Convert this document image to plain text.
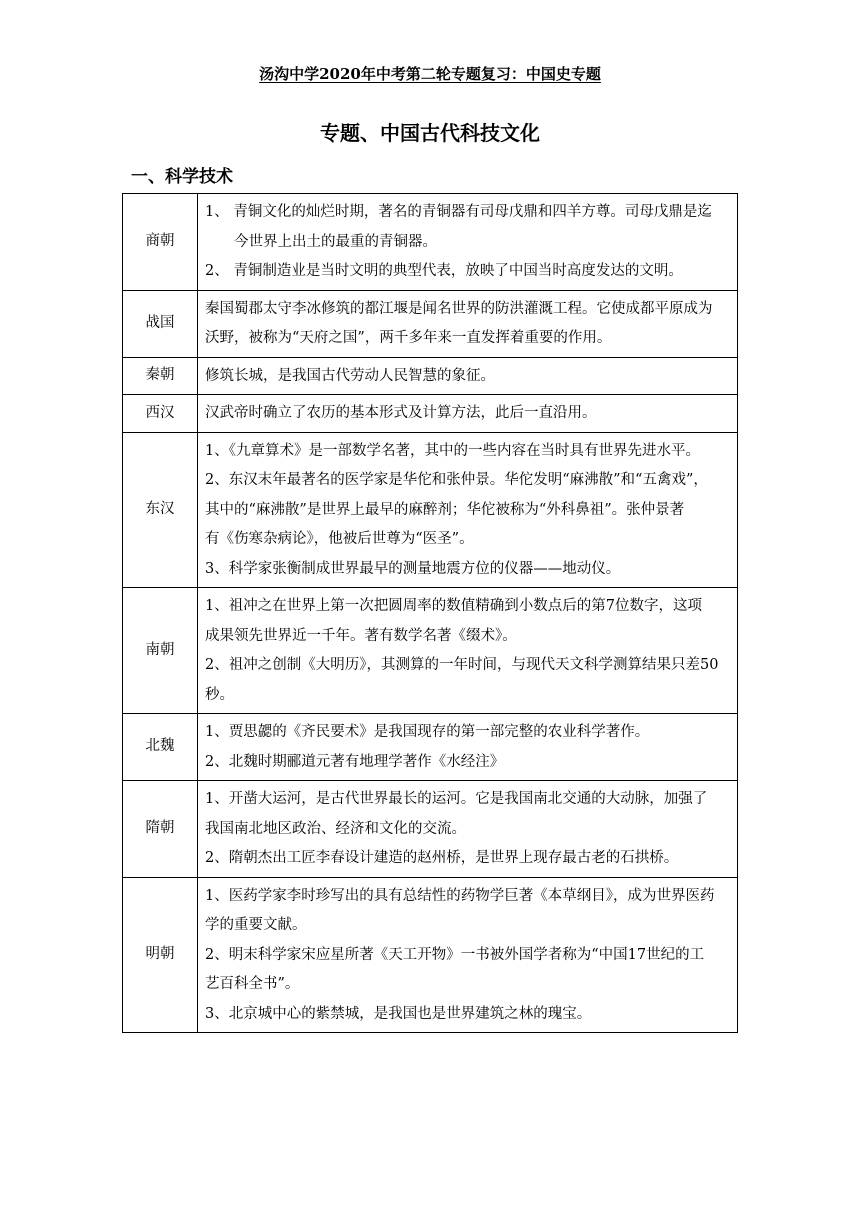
汤沟中学2020年中考第二轮专题复习：中国史专题
专题、中国古代科技文化
一、科学技术
商朝	1、 青铜文化的灿烂时期，著名的青铜器有司母戊鼎和四羊方尊。司母戊鼎是迄
今世界上出土的最重的青铜器。
2、 青铜制造业是当时文明的典型代表，放映了中国当时高度发达的文明。

战国	秦国蜀郡太守李冰修筑的都江堰是闻名世界的防洪灌溉工程。它使成都平原成为
沃野，被称为“天府之国”，两千多年来一直发挥着重要的作用。

秦朝	修筑长城，是我国古代劳动人民智慧的象征。

西汉	汉武帝时确立了农历的基本形式及计算方法，此后一直沿用。

东汉	1、《九章算术》是一部数学名著，其中的一些内容在当时具有世界先进水平。
2、东汉末年最著名的医学家是华佗和张仲景。华佗发明“麻沸散”和“五禽戏”，
其中的“麻沸散”是世界上最早的麻醉剂；华佗被称为“外科鼻祖”。张仲景著
有《伤寒杂病论》，他被后世尊为“医圣”。
3、科学家张衡制成世界最早的测量地震方位的仪器——地动仪。

南朝	1、祖冲之在世界上第一次把圆周率的数值精确到小数点后的第7位数字，这项
成果领先世界近一千年。著有数学名著《缀术》。
2、祖冲之创制《大明历》，其测算的一年时间，与现代天文科学测算结果只差50
秒。

北魏	1、贾思勰的《齐民要术》是我国现存的第一部完整的农业科学著作。
2、北魏时期郦道元著有地理学著作《水经注》

隋朝	1、开凿大运河，是古代世界最长的运河。它是我国南北交通的大动脉，加强了
我国南北地区政治、经济和文化的交流。
2、隋朝杰出工匠李春设计建造的赵州桥，是世界上现存最古老的石拱桥。

明朝	1、医药学家李时珍写出的具有总结性的药物学巨著《本草纲目》，成为世界医药
学的重要文献。
2、明末科学家宋应星所著《天工开物》一书被外国学者称为“中国17世纪的工
艺百科全书”。
3、北京城中心的紫禁城，是我国也是世界建筑之林的瑰宝。
